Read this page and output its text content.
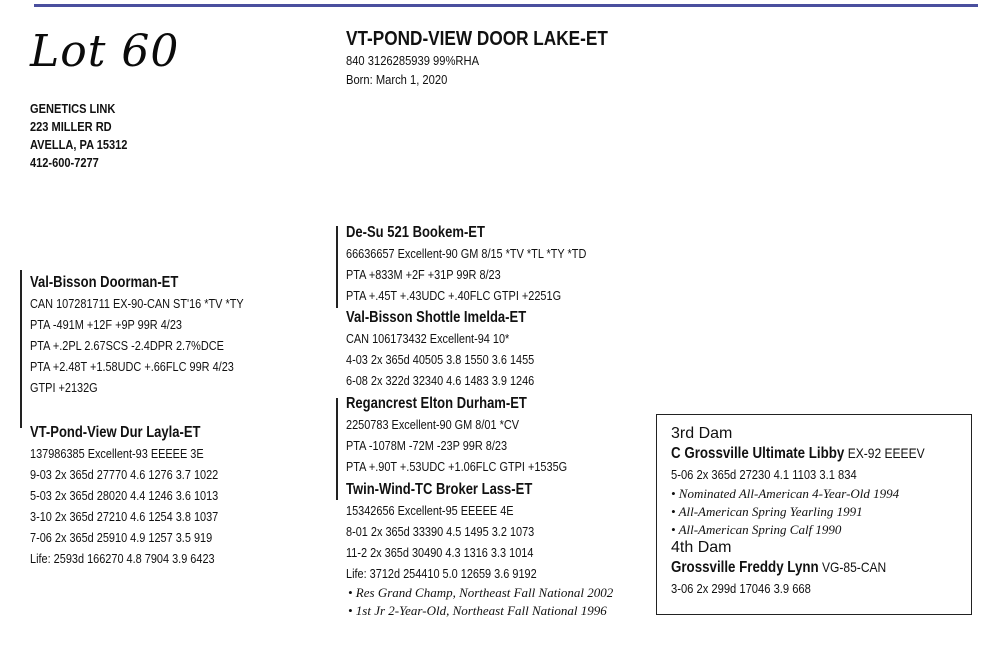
Lot 60
GENETICS LINK
223 MILLER RD
AVELLA, PA 15312
412-600-7277
VT-POND-VIEW DOOR LAKE-ET
840 3126285939 99%RHA
Born: March 1, 2020
Val-Bisson Doorman-ET
CAN 107281711 EX-90-CAN ST'16 *TV *TY
PTA -491M +12F +9P 99R 4/23
PTA +.2PL 2.67SCS -2.4DPR 2.7%DCE
PTA +2.48T +1.58UDC +.66FLC 99R 4/23
GTPI +2132G
De-Su 521 Bookem-ET
66636657 Excellent-90 GM 8/15 *TV *TL *TY *TD
PTA +833M +2F +31P 99R 8/23
PTA +.45T +.43UDC +.40FLC GTPI +2251G
Val-Bisson Shottle Imelda-ET
CAN 106173432 Excellent-94 10*
4-03 2x 365d 40505 3.8 1550 3.6 1455
6-08 2x 322d 32340 4.6 1483 3.9 1246
VT-Pond-View Dur Layla-ET
137986385 Excellent-93 EEEEE 3E
9-03 2x 365d 27770 4.6 1276 3.7 1022
5-03 2x 365d 28020 4.4 1246 3.6 1013
3-10 2x 365d 27210 4.6 1254 3.8 1037
7-06 2x 365d 25910 4.9 1257 3.5 919
Life: 2593d 166270 4.8 7904 3.9 6423
Regancrest Elton Durham-ET
2250783 Excellent-90 GM 8/01 *CV
PTA -1078M -72M -23P 99R 8/23
PTA +.90T +.53UDC +1.06FLC GTPI +1535G
Twin-Wind-TC Broker Lass-ET
15342656 Excellent-95 EEEEE 4E
8-01 2x 365d 33390 4.5 1495 3.2 1073
11-2 2x 365d 30490 4.3 1316 3.3 1014
Life: 3712d 254410 5.0 12659 3.6 9192
• Res Grand Champ, Northeast Fall National 2002
• 1st Jr 2-Year-Old, Northeast Fall National 1996
3rd Dam
C Grossville Ultimate Libby EX-92 EEEEV
5-06 2x 365d 27230 4.1 1103 3.1 834
• Nominated All-American 4-Year-Old 1994
• All-American Spring Yearling 1991
• All-American Spring Calf 1990
4th Dam
Grossville Freddy Lynn VG-85-CAN
3-06 2x 299d 17046 3.9 668
